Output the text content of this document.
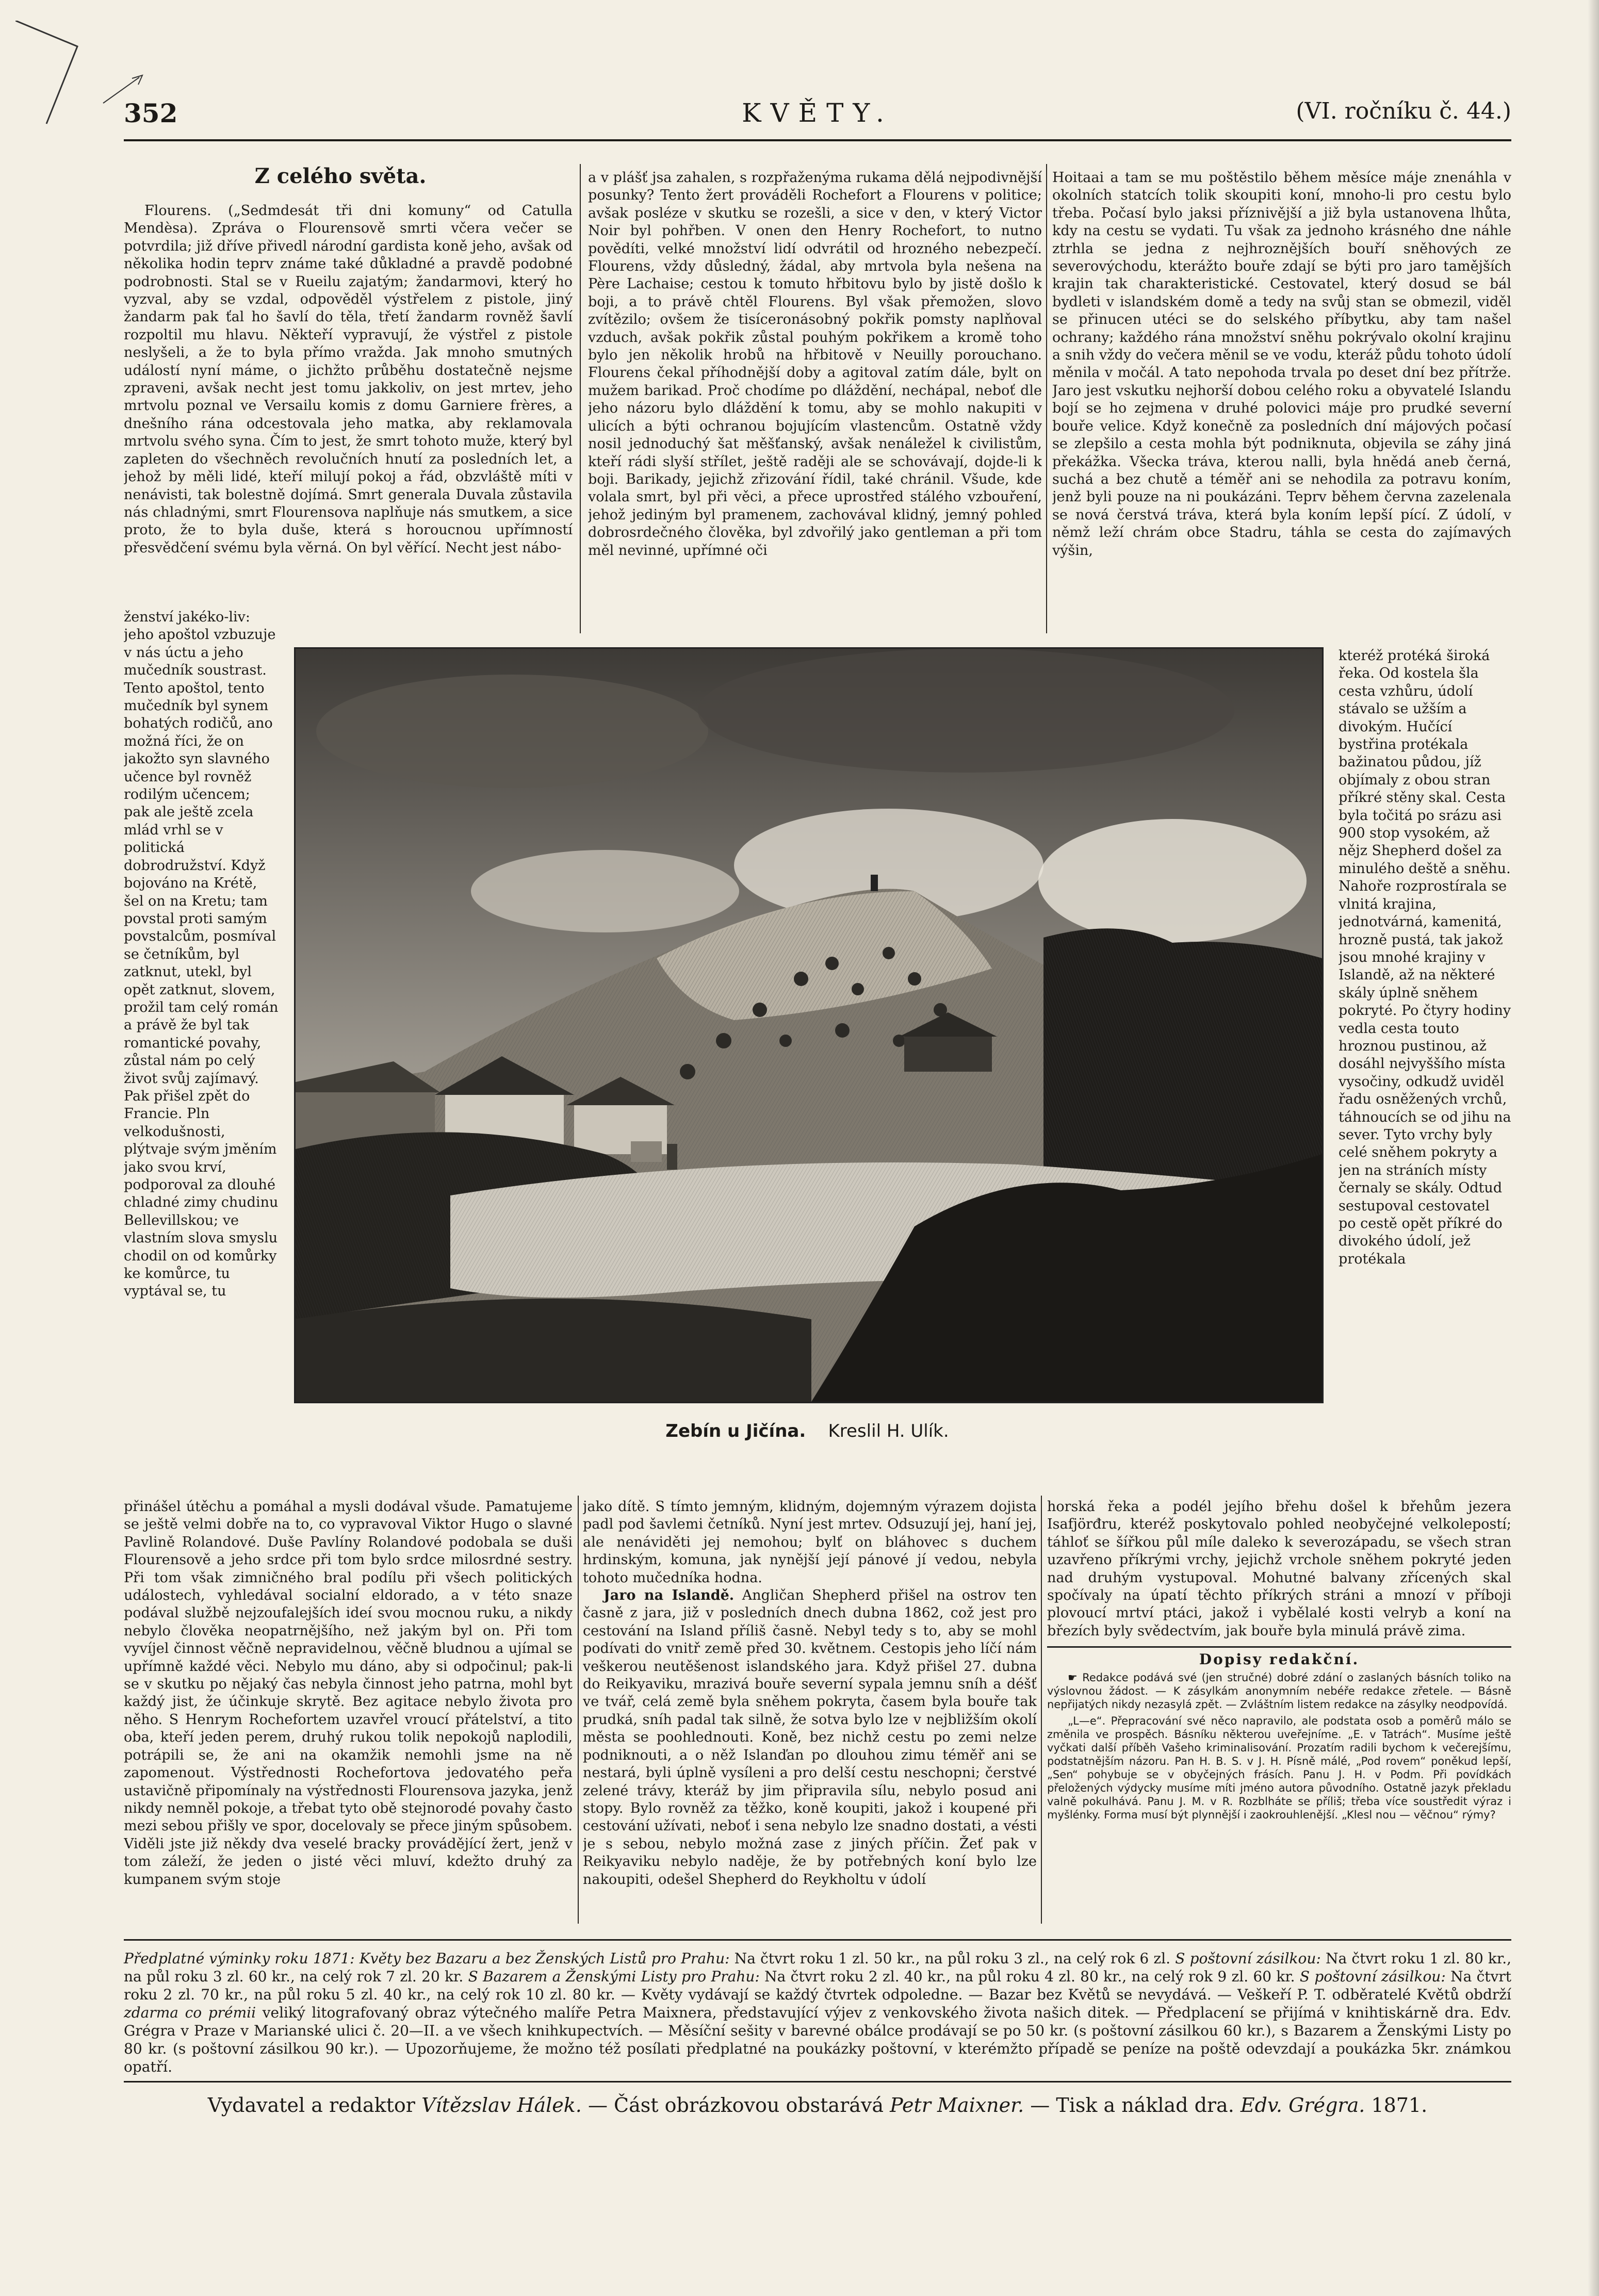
352	KVĚTY.	(VI. ročníku č. 44.)
Z celého světa.

Flourens. („Sedmdesát tři dni komuny“ od Catulla Mendèsa). Zpráva o Flourensově smrti včera večer se potvrdila; již dříve přivedl národní gardista koně jeho, avšak od několika hodin teprv známe také důkladné a pravdě podobné podrobnosti. Stal se v Rueilu zajatým; žandarmovi, který ho vyzval, aby se vzdal, odpověděl výstřelem z pistole, jiný žandarm pak ťal ho šavlí do těla, třetí žandarm rovněž šavlí rozpoltil mu hlavu. Někteří vypravují, že výstřel z pistole neslyšeli, a že to byla přímo vražda. Jak mnoho smutných událostí nyní máme, o jichžto průběhu dostatečně nejsme zpraveni, avšak necht jest tomu jakkoliv, on jest mrtev, jeho mrtvolu poznal ve Versailu komis z domu Garniere frères, a dnešního rána odcestovala jeho matka, aby reklamovala mrtvolu svého syna. Čím to jest, že smrt tohoto muže, který byl zapleten do všechněch revolučních hnutí za posledních let, a jehož by měli lidé, kteří milují pokoj a řád, obzvláště míti v nenávisti, tak bolestně dojímá. Smrt generala Duvala zůstavila nás chladnými, smrt Flourensova naplňuje nás smutkem, a sice proto, že to byla duše, která s horoucnou upřímností přesvědčení svému byla věrná. On byl věřící. Necht jest nábo-

ženství jakéko-liv: jeho apoštol vzbuzuje v nás úctu a jeho mučedník soustrast. Tento apoštol, tento mučedník byl synem bohatých rodičů, ano možná říci, že on jakožto syn slavného učence byl rovněž rodilým učencem; pak ale ještě zcela mlád vrhl se v politická dobrodružství. Když bojováno na Krétě, šel on na Kretu; tam povstal proti samým povstalcům, posmíval se četníkům, byl zatknut, utekl, byl opět zatknut, slovem, prožil tam celý román a právě že byl tak romantické povahy, zůstal nám po celý život svůj zajímavý. Pak přišel zpět do Francie. Pln velkodušnosti, plýtvaje svým jměním jako svou krví, podporoval za dlouhé chladné zimy chudinu Bellevillskou; ve vlastním slova smyslu chodil on od komůrky ke komůrce, tu vyptával se, tu

a v plášť jsa zahalen, s rozpřaženýma rukama dělá nejpodivnější posunky? Tento žert prováděli Rochefort a Flourens v politice; avšak posléze v skutku se rozešli, a sice v den, v který Victor Noir byl pohřben. V onen den Henry Rochefort, to nutno povědíti, velké množství lidí odvrátil od hrozného nebezpečí. Flourens, vždy důsledný, žádal, aby mrtvola byla nešena na Père Lachaise; cestou k tomuto hřbitovu bylo by jistě došlo k boji, a to právě chtěl Flourens. Byl však přemožen, slovo zvítězilo; ovšem že tisíceronásobný pokřik pomsty naplňoval vzduch, avšak pokřik zůstal pouhým pokřikem a kromě toho bylo jen několik hrobů na hřbitově v Neuilly porouchano. Flourens čekal příhodnější doby a agitoval zatím dále, bylt on mužem barikad. Proč chodíme po dláždění, nechápal, neboť dle jeho názoru bylo dláždění k tomu, aby se mohlo nakupiti v ulicích a býti ochranou bojujícím vlastencům. Ostatně vždy nosil jednoduchý šat měšťanský, avšak nenáležel k civilistům, kteří rádi slyší střílet, ještě raději ale se schovávají, dojde-li k boji. Barikady, jejichž zřizování řídil, také chránil. Všude, kde volala smrt, byl při věci, a přece uprostřed stálého vzbouření, jehož jediným byl pramenem, zachovával klidný, jemný pohled dobrosrdečného člověka, byl zdvořilý jako gentleman a při tom měl nevinné, upřímné oči

Hoitaai a tam se mu poštěstilo během měsíce máje znenáhla v okolních statcích tolik skoupiti koní, mnoho-li pro cestu bylo třeba. Počasí bylo jaksi příznivější a již byla ustanovena lhůta, kdy na cestu se vydati. Tu však za jednoho krásného dne náhle ztrhla se jedna z nejhroznějších bouří sněhových ze severovýchodu, kterážto bouře zdají se býti pro jaro tamějších krajin tak charakteristické. Cestovatel, který dosud se bál bydleti v islandském domě a tedy na svůj stan se obmezil, viděl se přinucen utéci se do selského příbytku, aby tam našel ochrany; každého rána množství sněhu pokrývalo okolní krajinu a snih vždy do večera měnil se ve vodu, kteráž půdu tohoto údolí měnila v močál. A tato nepohoda trvala po deset dní bez přítrže. Jaro jest vskutku nejhorší dobou celého roku a obyvatelé Islandu bojí se ho zejmena v druhé polovici máje pro prudké severní bouře velice. Když konečně za posledních dní májových počasí se zlepšilo a cesta mohla být podniknuta, objevila se záhy jiná překážka. Všecka tráva, kterou nalli, byla hnědá aneb černá, suchá a bez chutě a téměř ani se nehodila za potravu koním, jenž byli pouze na ni poukázáni. Teprv během červnа zazelenala se nová čerstvá tráva, která byla koním lepší pící. Z údolí, v němž leží chrám obce Stadru, táhla se cesta do zajímavých výšin,

Zebín u Jičína. Kreslil H. Ulík.

kteréž protéká široká řeka. Od kostela šla cesta vzhůru, údolí stávalo se užším a divokým. Hučící bystřina protékala bažinatou půdou, jíž objímaly z obou stran příkré stěny skal. Cesta byla točitá po srázu asi 900 stop vysokém, až nějz Shepherd došel za minulého deště a sněhu. Nahoře rozprostírala se vlnitá krajina, jednotvárná, kamenitá, hrozně pustá, tak jakož jsou mnohé krajiny v Islandě, až na některé skály úplně sněhem pokryté. Po čtyry hodiny vedla cesta touto hroznou pustinou, až dosáhl nejvyššího místa vysočiny, odkudž uviděl řadu osněžených vrchů, táhnoucích se od jihu na sever. Tyto vrchy byly celé sněhem pokryty a jen na stráních místy černaly se skály. Odtud sestupoval cestovatel po cestě opět příkré do divokého údolí, jež protékala

přinášel útěchu a pomáhal a mysli dodával všude. Pamatujeme se ještě velmi dobře na to, co vypravoval Viktor Hugo o slavné Pavlině Rolandové. Duše Pavlíny Rolandové podobala se duši Flourensově a jeho srdce při tom bylo srdce milosrdné sestry. Při tom však zimničného bral podílu při všech politických událostech, vyhledával socialní eldorado, a v této snaze podával službě nejzoufalejších ideí svou mocnou ruku, a nikdy nebylo člověka neopatrnějšího, než jakým byl on. Při tom vyvíjel činnost věčně nepravidelnou, věčně bludnou a ujímal se upřímně každé věci. Nebylo mu dáno, aby si odpočinul; pak-li se v skutku po nějaký čas nebyla činnost jeho patrna, mohl byt každý jist, že účinkuje skrytě. Bez agitace nebylo života pro něho. S Henrym Rochefortem uzavřel vroucí přátelství, a tito oba, kteří jeden perem, druhý rukou tolik nepokojů naplodili, potrápili se, že ani na okamžik nemohli jsme na ně zapomenout. Výstřednosti Rochefortova jedovatého peřa ustavičně připomínaly na výstřednosti Flourensova jazyka, jenž nikdy nemněl pokoje, a třebat tyto obě stejnorodé povahy často mezi sebou přišly ve spor, docelovaly se přece jiným spůsobem. Viděli jste již někdy dva veselé bracky provádějící žert, jenž v tom záleží, že jeden o jisté věci mluví, kdežto druhý za kumpanem svým stoje

jako dítě. S tímto jemným, klidným, dojemným výrazem dojista padl pod šavlemi četníků. Nyní jest mrtev. Odsuzují jej, haní jej, ale nenáviděti jej nemohou; bylť on bláhovec s duchem hrdinským, komuna, jak nynější její pánové jí vedou, nebyla tohoto mučedníka hodna.

Jaro na Islandě. Angličan Shepherd přišel na ostrov ten časně z jara, již v posledních dnech dubna 1862, což jest pro cestování na Island příliš časně. Nebyl tedy s to, aby se mohl podívati do vnitř země před 30. květnem. Cestopis jeho líčí nám veškerou neutěšenost islandského jara. Když přišel 27. dubna do Reikyaviku, mrazivá bouře severní sypala jemnu sníh a déšť ve tvář, celá země byla sněhem pokryta, časem byla bouře tak prudká, sníh padal tak silně, že sotva bylo lze v nejbližším okolí města se poohlednouti. Koně, bez nichž cestu po zemi nelze podniknouti, a o něž Islanďan po dlouhou zimu téměř ani se nestará, byli úplně vysíleni a pro delší cestu neschopni; čerstvé zelené trávy, kteráž by jim připravila sílu, nebylo posud ani stopy. Bylo rovněž za těžko, koně koupiti, jakož i koupené při cestování užívati, neboť i sena nebylo lze snadno dostati, a vésti je s sebou, nebylo možná zase z jiných příčin. Žeť pak v Reikyaviku nebylo naděje, že by potřebných koní bylo lze nakoupiti, odešel Shepherd do Reykholtu v údolí

horská řeka a podél jejího břehu došel k břehům jezera Isafjörđru, kteréž poskytovalo pohled neobyčejné velkolepostí; táhloť se šířkou půl míle daleko k severozápadu, se všech stran uzavřeno příkrými vrchy, jejichž vrchole sněhem pokryté jeden nad druhým vystupoval. Mohutné balvany zřícených skal spočívaly na úpatí těchto příkrých stráni a mnozí v příboji plovoucí mrtví ptáci, jakož i vybělalé kosti velryb a koní na březích byly svědectvím, jak bouře byla minulá právě zima.

Dopisy redakční.

☛ Redakce podává své (jen stručné) dobré zdání o zaslaných básních toliko na výslovnou žádost. — K zásylkám anonymním nebéře redakce zřetele. — Básně nepřijatých nikdy nezasylá zpět. — Zvláštním listem redakce na zásylky neodpovídá.

„L—e“. Přepracování své něco napravilo, ale podstata osob a poměrů málo se změnila ve prospěch. Básníku některou uveřejníme. „E. v Tatrách“. Musíme ještě vyčkati další příběh Vašeho kriminalisování. Prozatím radili bychom k večerejšímu, podstatnějším názoru. Pan H. B. S. v J. H. Písně málé, „Pod rovem“ poněkud lepší, „Sen“ pohybuje se v obyčejných frásích. Panu J. H. v Podm. Při povídkách přeložených výdycky musíme míti jméno autora původního. Ostatně jazyk překladu valně pokulhává. Panu J. M. v R. Rozblháte se příliš; třeba více soustředit výraz i myšlénky. Forma musí být plynnější i zaokrouhlenější. „Klesl nou — věčnou“ rýmy?

Předplatné výminky roku 1871: Květy bez Bazaru a bez Ženských Listů pro Prahu: Na čtvrt roku 1 zl. 50 kr., na půl roku 3 zl., na celý rok 6 zl. S poštovní zásilkou: Na čtvrt roku 1 zl. 80 kr., na půl roku 3 zl. 60 kr., na celý rok 7 zl. 20 kr. S Bazarem a Ženskými Listy pro Prahu: Na čtvrt roku 2 zl. 40 kr., na půl roku 4 zl. 80 kr., na celý rok 9 zl. 60 kr. S poštovní zásilkou: Na čtvrt roku 2 zl. 70 kr., na půl roku 5 zl. 40 kr., na celý rok 10 zl. 80 kr. — Květy vydávají se každý čtvrtek odpoledne. — Bazar bez Květů se nevydává. — Veškeří P. T. odběratelé Květů obdrží zdarma co prémii veliký litografovaný obraz výtečného malíře Petra Maixnera, představující výjev z venkovského života našich ditek. — Předplacení se přijímá v knihtiskárně dra. Edv. Grégra v Praze v Marianské ulici č. 20—II. a ve všech knihkupectvích. — Měsíční sešity v barevné obálce prodávají se po 50 kr. (s poštovní zásilkou 60 kr.), s Bazarem a Ženskými Listy po 80 kr. (s poštovní zásilkou 90 kr.). — Upozorňujeme, že možno též posílati předplatné na poukázky poštovní, v kterémžto případě se peníze na poště odevzdají a poukázka 5kr. známkou opatří.
Vydavatel a redaktor Vítězslav Hálek. — Část obrázkovou obstarává Petr Maixner. — Tisk a náklad dra. Edv. Grégra. 1871.
